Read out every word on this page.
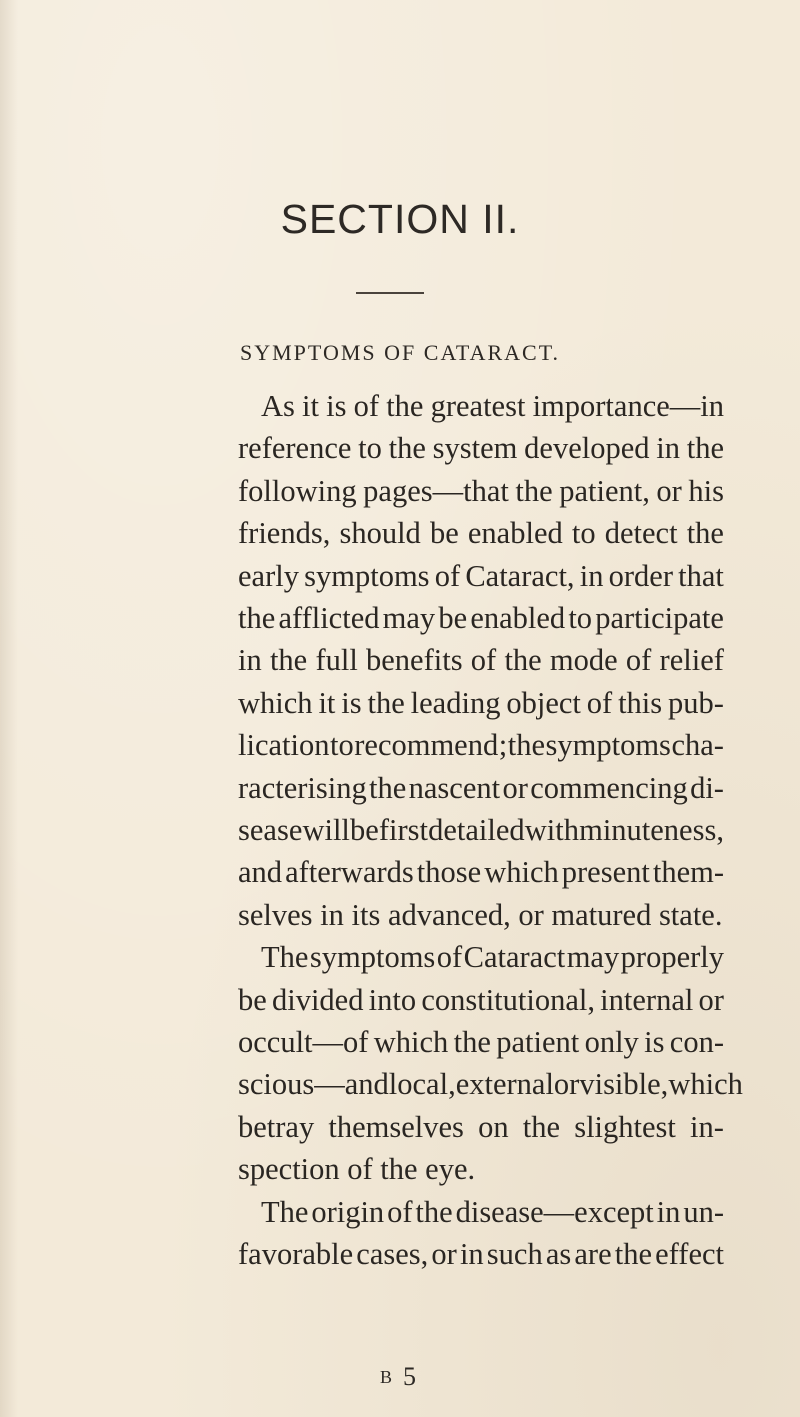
SECTION II.
SYMPTOMS OF CATARACT.
As it is of the greatest importance—in
reference to the system developed in the
following pages—that the patient, or his
friends, should be enabled to detect the
early symptoms of Cataract, in order that
the afflicted may be enabled to participate
in the full benefits of the mode of relief
which it is the leading object of this pub-
lication to recommend ; the symptoms cha-
racterising the nascent or commencing di-
sease will be first detailed with minuteness,
and afterwards those which present them-
selves in its advanced, or matured state.
The symptoms of Cataract may properly
be divided into constitutional, internal or
occult—of which the patient only is con-
scious—and local, external or visible, which
betray themselves on the slightest in-
spection of the eye.
The origin of the disease—except in un-
favorable cases, or in such as are the effect
B 5
